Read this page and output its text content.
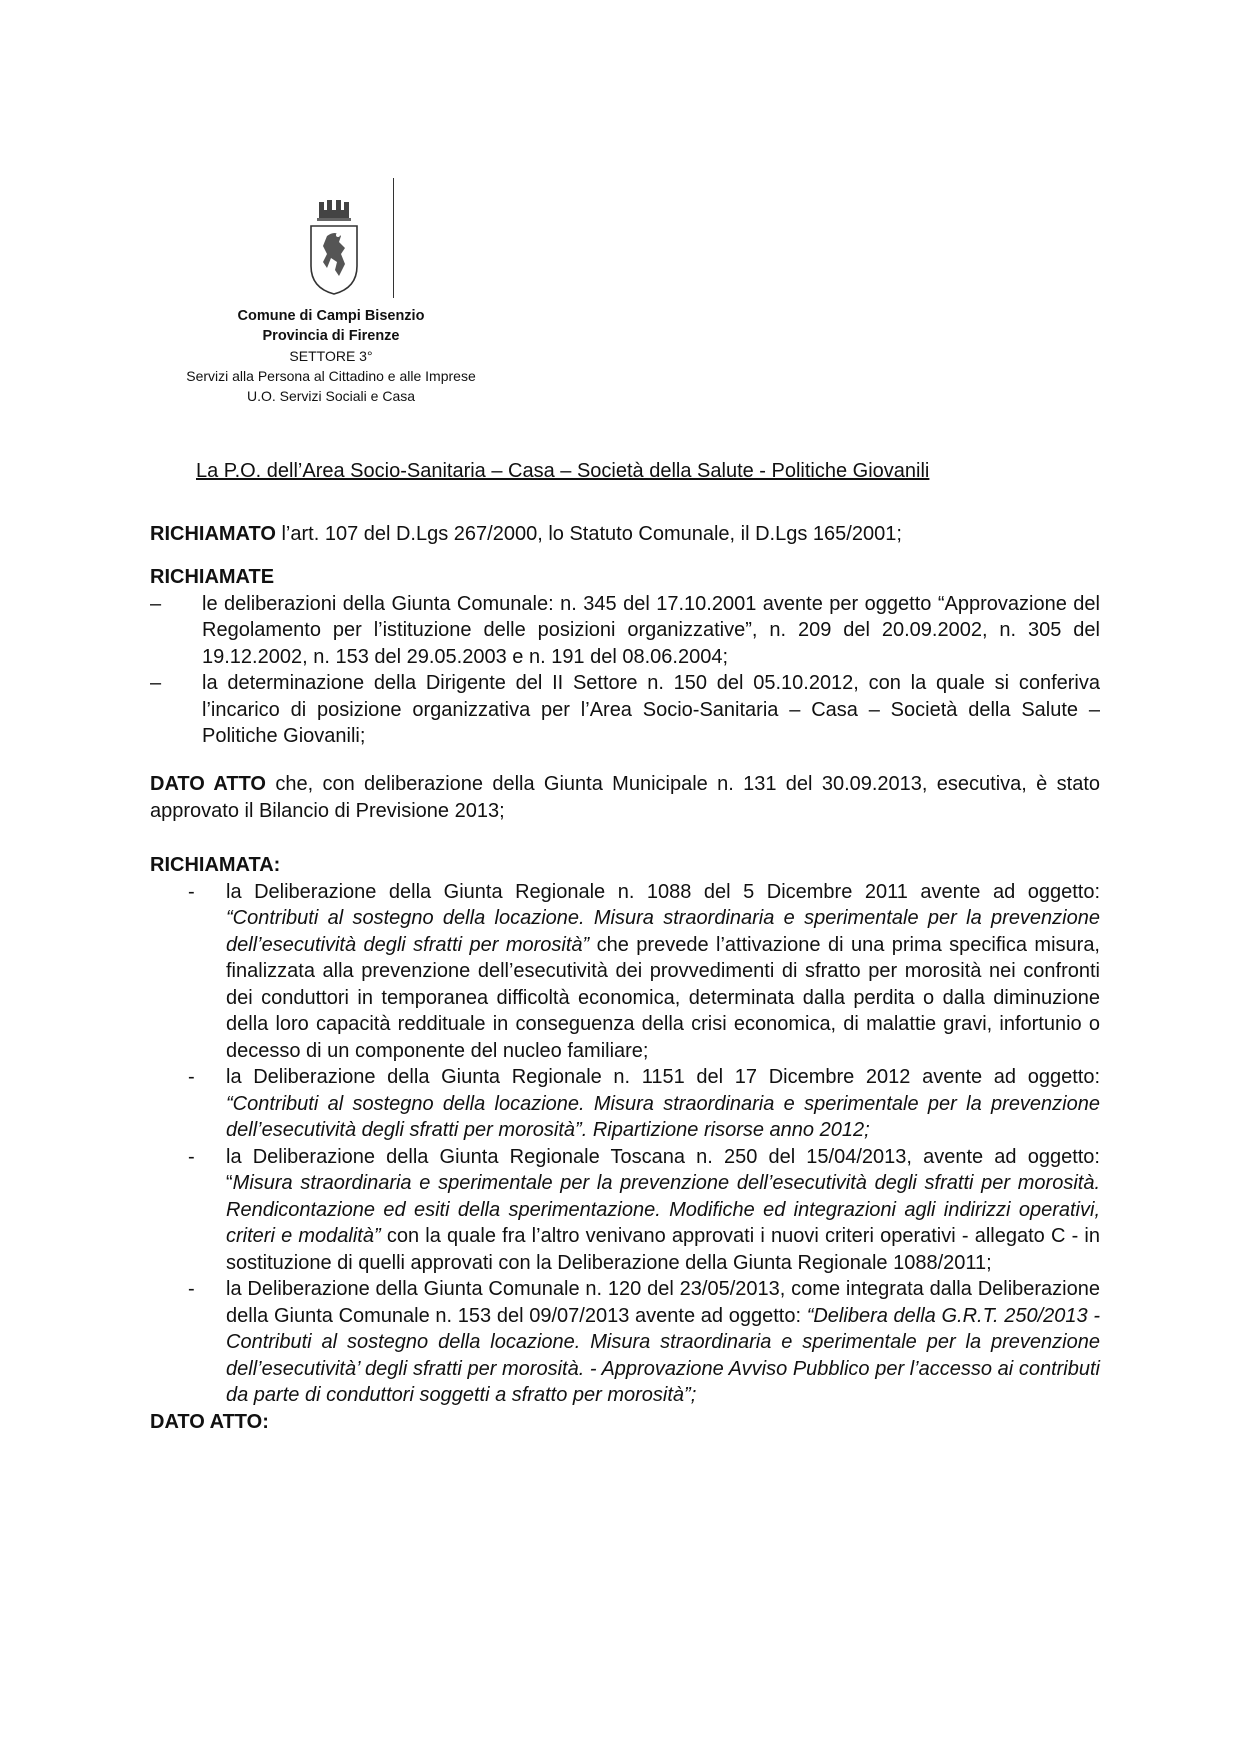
Comune di Campi Bisenzio
Provincia di Firenze
SETTORE 3°
Servizi alla Persona al Cittadino e alle Imprese
U.O. Servizi Sociali e Casa
La P.O. dell’Area Socio-Sanitaria – Casa – Società della Salute - Politiche Giovanili

RICHIAMATO l’art. 107 del D.Lgs 267/2000, lo Statuto Comunale, il D.Lgs 165/2001;

RICHIAMATE

– le deliberazioni della Giunta Comunale: n. 345 del 17.10.2001 avente per oggetto “Approvazione del Regolamento per l’istituzione delle posizioni organizzative”, n. 209 del 20.09.2002, n. 305 del 19.12.2002, n. 153 del 29.05.2003 e n. 191 del 08.06.2004;
– la determinazione della Dirigente del II Settore n. 150 del 05.10.2012, con la quale si conferiva l’incarico di posizione organizzativa per l’Area Socio-Sanitaria – Casa – Società della Salute – Politiche Giovanili;

DATO ATTO che, con deliberazione della Giunta Municipale n. 131 del 30.09.2013, esecutiva, è stato approvato il Bilancio di Previsione 2013;

RICHIAMATA:

- la Deliberazione della Giunta Regionale n. 1088 del 5 Dicembre 2011 avente ad oggetto: “Contributi al sostegno della locazione. Misura straordinaria e sperimentale per la prevenzione dell’esecutività degli sfratti per morosità” che prevede l’attivazione di una prima specifica misura, finalizzata alla prevenzione dell’esecutività dei provvedimenti di sfratto per morosità nei confronti dei conduttori in temporanea difficoltà economica, determinata dalla perdita o dalla diminuzione della loro capacità reddituale in conseguenza della crisi economica, di malattie gravi, infortunio o decesso di un componente del nucleo familiare;
- la Deliberazione della Giunta Regionale n. 1151 del 17 Dicembre 2012 avente ad oggetto: “Contributi al sostegno della locazione. Misura straordinaria e sperimentale per la prevenzione dell’esecutività degli sfratti per morosità”. Ripartizione risorse anno 2012;
- la Deliberazione della Giunta Regionale Toscana n. 250 del 15/04/2013, avente ad oggetto: “Misura straordinaria e sperimentale per la prevenzione dell’esecutività degli sfratti per morosità. Rendicontazione ed esiti della sperimentazione. Modifiche ed integrazioni agli indirizzi operativi, criteri e modalità” con la quale fra l’altro venivano approvati i nuovi criteri operativi - allegato C - in sostituzione di quelli approvati con la Deliberazione della Giunta Regionale 1088/2011;
- la Deliberazione della Giunta Comunale n. 120 del 23/05/2013, come integrata dalla Deliberazione della Giunta Comunale n. 153 del 09/07/2013 avente ad oggetto: “Delibera della G.R.T. 250/2013 - Contributi al sostegno della locazione. Misura straordinaria e sperimentale per la prevenzione dell’esecutività’ degli sfratti per morosità. - Approvazione Avviso Pubblico per l’accesso ai contributi da parte di conduttori soggetti a sfratto per morosità”;

DATO ATTO:
